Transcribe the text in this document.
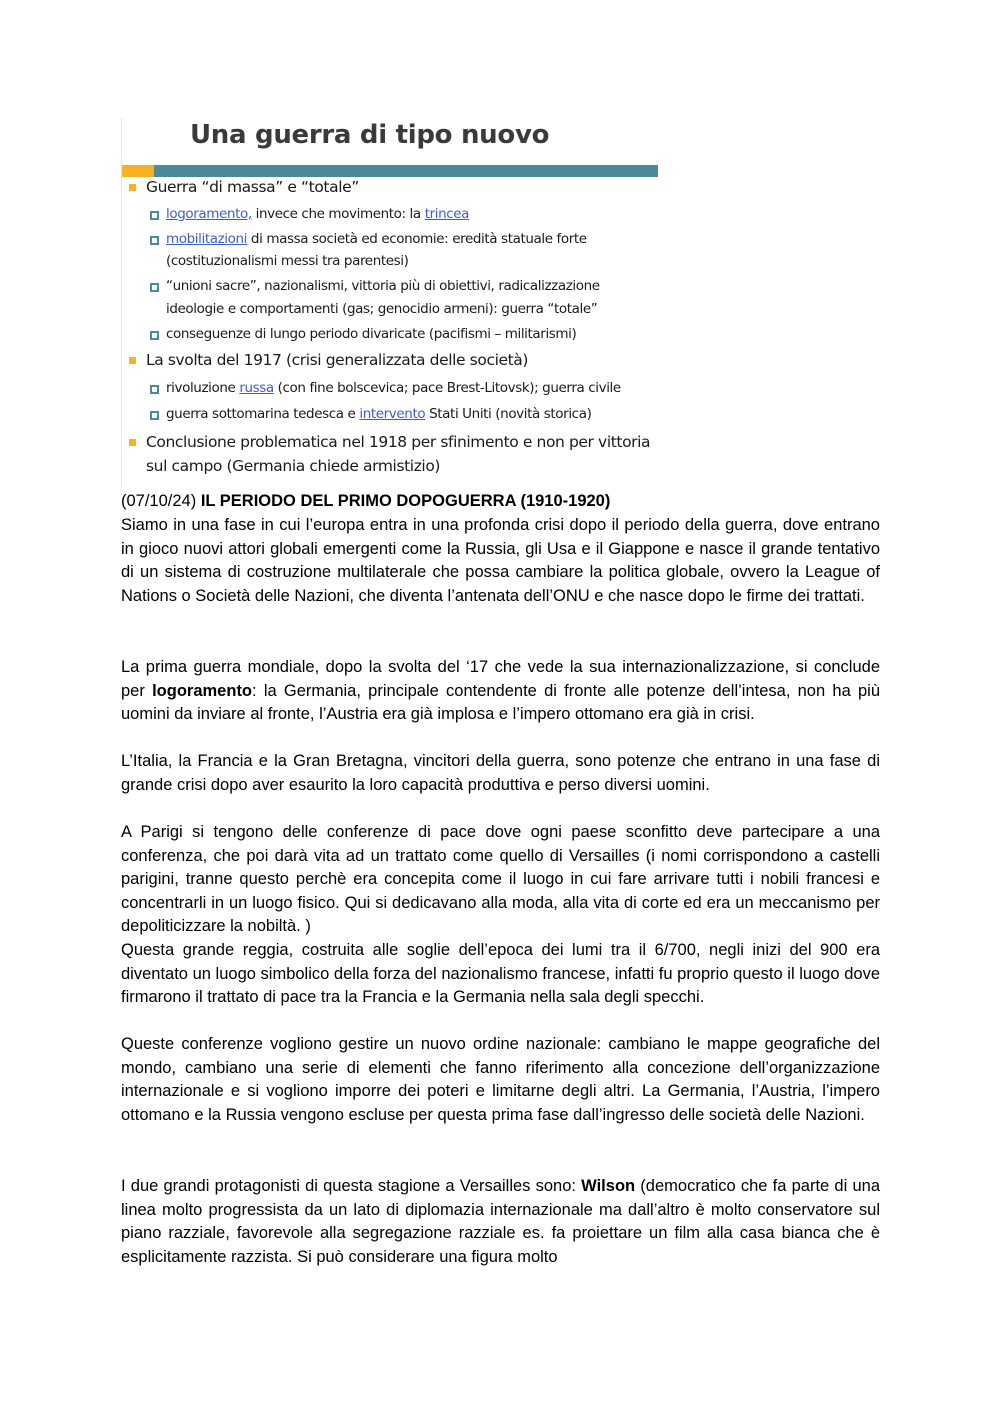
Una guerra di tipo nuovo
Guerra “di massa” e “totale”
logoramento, invece che movimento: la trincea
mobilitazioni di massa società ed economie: eredità statuale forte
(costituzionalismi messi tra parentesi)
“unioni sacre”, nazionalismi, vittoria più di obiettivi, radicalizzazione
ideologie e comportamenti (gas; genocidio armeni): guerra “totale”
conseguenze di lungo periodo divaricate (pacifismi – militarismi)
La svolta del 1917 (crisi generalizzata delle società)
rivoluzione russa (con fine bolscevica; pace Brest-Litovsk); guerra civile
guerra sottomarina tedesca e intervento Stati Uniti (novità storica)
Conclusione problematica nel 1918 per sfinimento e non per vittoria
sul campo (Germania chiede armistizio)
(07/10/24) IL PERIODO DEL PRIMO DOPOGUERRA (1910-1920)
Siamo in una fase in cui l’europa entra in una profonda crisi dopo il periodo della guerra, dove entrano in gioco nuovi attori globali emergenti come la Russia, gli Usa e il Giappone e nasce il grande tentativo di un sistema di costruzione multilaterale che possa cambiare la politica globale, ovvero la League of Nations o Società delle Nazioni, che diventa l’antenata dell’ONU e che nasce dopo le firme dei trattati.
La prima guerra mondiale, dopo la svolta del ‘17 che vede la sua internazionalizzazione, si conclude per logoramento: la Germania, principale contendente di fronte alle potenze dell’intesa, non ha più uomini da inviare al fronte, l’Austria era già implosa e l’impero ottomano era già in crisi.
L’Italia, la Francia e la Gran Bretagna, vincitori della guerra, sono potenze che entrano in una fase di grande crisi dopo aver esaurito la loro capacità produttiva e perso diversi uomini.
A Parigi si tengono delle conferenze di pace dove ogni paese sconfitto deve partecipare a una conferenza, che poi darà vita ad un trattato come quello di Versailles (i nomi corrispondono a castelli parigini, tranne questo perchè era concepita come il luogo in cui fare arrivare tutti i nobili francesi e concentrarli in un luogo fisico. Qui si dedicavano alla moda, alla vita di corte ed era un meccanismo per depoliticizzare la nobiltà. )
Questa grande reggia, costruita alle soglie dell’epoca dei lumi tra il 6/700, negli inizi del 900 era diventato un luogo simbolico della forza del nazionalismo francese, infatti fu proprio questo il luogo dove firmarono il trattato di pace tra la Francia e la Germania nella sala degli specchi.
Queste conferenze vogliono gestire un nuovo ordine nazionale: cambiano le mappe geografiche del mondo, cambiano una serie di elementi che fanno riferimento alla concezione dell’organizzazione internazionale e si vogliono imporre dei poteri e limitarne degli altri. La Germania, l’Austria, l’impero ottomano e la Russia vengono escluse per questa prima fase dall’ingresso delle società delle Nazioni.
I due grandi protagonisti di questa stagione a Versailles sono: Wilson (democratico che fa parte di una linea molto progressista da un lato di diplomazia internazionale ma dall’altro è molto conservatore sul piano razziale, favorevole alla segregazione razziale es. fa proiettare un film alla casa bianca che è esplicitamente razzista. Si può considerare una figura molto
